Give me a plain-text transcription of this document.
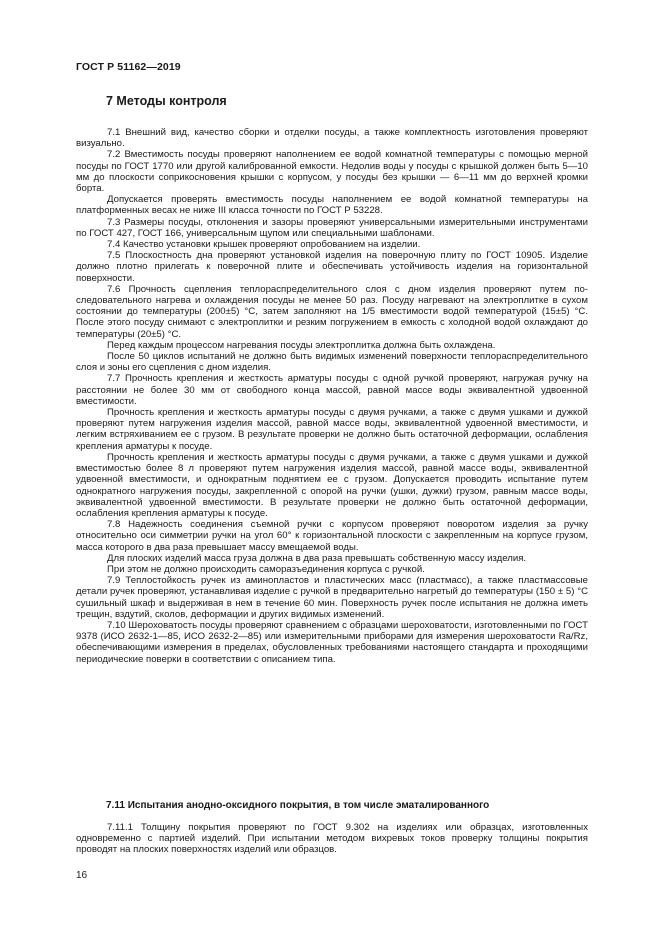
ГОСТ Р 51162—2019
7 Методы контроля

7.1 Внешний вид, качество сборки и отделки посуды, а также комплектность изготовления проверяют визуально.

7.2 Вместимость посуды проверяют наполнением ее водой комнатной температуры с помощью мерной посуды по ГОСТ 1770 или другой калиброванной емкости. Недолив воды у посуды с крышкой должен быть 5—10 мм до плоскости соприкосновения крышки с корпусом, у посуды без крышки — 6—11 мм до верхней кромки борта.

Допускается проверять вместимость посуды наполнением ее водой комнатной температуры на платформенных весах не ниже III класса точности по ГОСТ Р 53228.

7.3 Размеры посуды, отклонения и зазоры проверяют универсальными измерительными инструментами по ГОСТ 427, ГОСТ 166, универсальным щупом или специальными шаблонами.

7.4 Качество установки крышек проверяют опробованием на изделии.

7.5 Плоскостность дна проверяют установкой изделия на поверочную плиту по ГОСТ 10905. Изделие должно плотно прилегать к поверочной плите и обеспечивать устойчивость изделия на горизонтальной поверхности.

7.6 Прочность сцепления теплораспределительного слоя с дном изделия проверяют путем последовательного нагрева и охлаждения посуды не менее 50 раз. Посуду нагревают на электроплитке в сухом состоянии до температуры (200±5) °С, затем заполняют на 1/5 вместимости водой температурой (15±5) °С. После этого посуду снимают с электроплитки и резким погружением в емкость с холодной водой охлаждают до температуры (20±5) °С.

Перед каждым процессом нагревания посуды электроплитка должна быть охлаждена.

После 50 циклов испытаний не должно быть видимых изменений поверхности теплораспределительного слоя и зоны его сцепления с дном изделия.

7.7 Прочность крепления и жесткость арматуры посуды с одной ручкой проверяют, нагружая ручку на расстоянии не более 30 мм от свободного конца массой, равной массе воды эквивалентной удвоенной вместимости.

Прочность крепления и жесткость арматуры посуды с двумя ручками, а также с двумя ушками и дужкой проверяют путем нагружения изделия массой, равной массе воды, эквивалентной удвоенной вместимости, и легким встряхиванием ее с грузом. В результате проверки не должно быть остаточной деформации, ослабления крепления арматуры к посуде.

Прочность крепления и жесткость арматуры посуды с двумя ручками, а также с двумя ушками и дужкой вместимостью более 8 л проверяют путем нагружения изделия массой, равной массе воды, эквивалентной удвоенной вместимости, и однократным поднятием ее с грузом. Допускается проводить испытание путем однократного нагружения посуды, закрепленной с опорой на ручки (ушки, дужки) грузом, равным массе воды, эквивалентной удвоенной вместимости. В результате проверки не должно быть остаточной деформации, ослабления крепления арматуры к посуде.

7.8 Надежность соединения съемной ручки с корпусом проверяют поворотом изделия за ручку относительно оси симметрии ручки на угол 60° к горизонтальной плоскости с закрепленным на корпусе грузом, масса которого в два раза превышает массу вмещаемой воды.

Для плоских изделий масса груза должна в два раза превышать собственную массу изделия.

При этом не должно происходить саморазъединения корпуса с ручкой.

7.9 Теплостойкость ручек из аминопластов и пластических масс (пластмасс), а также пластмассовые детали ручек проверяют, устанавливая изделие с ручкой в предварительно нагретый до температуры (150 ± 5) °С сушильный шкаф и выдерживая в нем в течение 60 мин. Поверхность ручек после испытания не должна иметь трещин, вздутий, сколов, деформации и других видимых изменений.

7.10 Шероховатость посуды проверяют сравнением с образцами шероховатости, изготовленными по ГОСТ 9378 (ИСО 2632-1—85, ИСО 2632-2—85) или измерительными приборами для измерения шероховатости Ra/Rz, обеспечивающими измерения в пределах, обусловленных требованиями настоящего стандарта и проходящими периодические поверки в соответствии с описанием типа.

7.11 Испытания анодно-оксидного покрытия, в том числе эматалированного

7.11.1 Толщину покрытия проверяют по ГОСТ 9.302 на изделиях или образцах, изготовленных одновременно с партией изделий. При испытании методом вихревых токов проверку толщины покрытия проводят на плоских поверхностях изделий или образцов.

16
